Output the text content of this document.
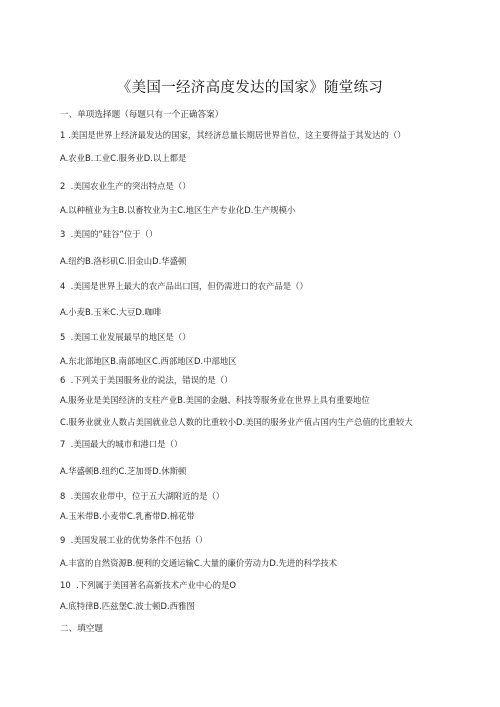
《美国一经济高度发达的国家》随堂练习
一、单项选择题（每题只有一个正确答案）
1 .美国是世界上经济最发达的国家，其经济总量长期居世界首位，这主要得益于其发达的（）
A.农业B.工业C.服务业D.以上都是
2 .美国农业生产的突出特点是（）
A.以种植业为主B.以畜牧业为主C.地区生产专业化D.生产规模小
3 .美国的“硅谷”位于（）
A.纽约B.洛杉矶C.旧金山D.华盛顿
4 .美国是世界上最大的农产品出口国，但仍需进口的农产品是（）
A.小麦B.玉米C.大豆D.咖啡
5 .美国工业发展最早的地区是（）
A.东北部地区B.南部地区C.西部地区D.中部地区
6 .下列关于美国服务业的说法，错误的是（）
A.服务业是美国经济的支柱产业B.美国的金融、科技等服务业在世界上具有重要地位
C.服务业就业人数占美国就业总人数的比重较小D.美国的服务业产值占国内生产总值的比重较大
7 .美国最大的城市和港口是（）
A.华盛顿B.纽约C.芝加哥D.休斯顿
8 .美国农业带中，位于五大湖附近的是（）
A.玉米带B.小麦带C.乳畜带D.棉花带
9 .美国发展工业的优势条件不包括（）
A.丰富的自然资源B.便利的交通运输C.大量的廉价劳动力D.先进的科学技术
10 .下列属于美国著名高新技术产业中心的是O
A.底特律B.匹兹堡C.波士顿D.西雅图
二、填空题
